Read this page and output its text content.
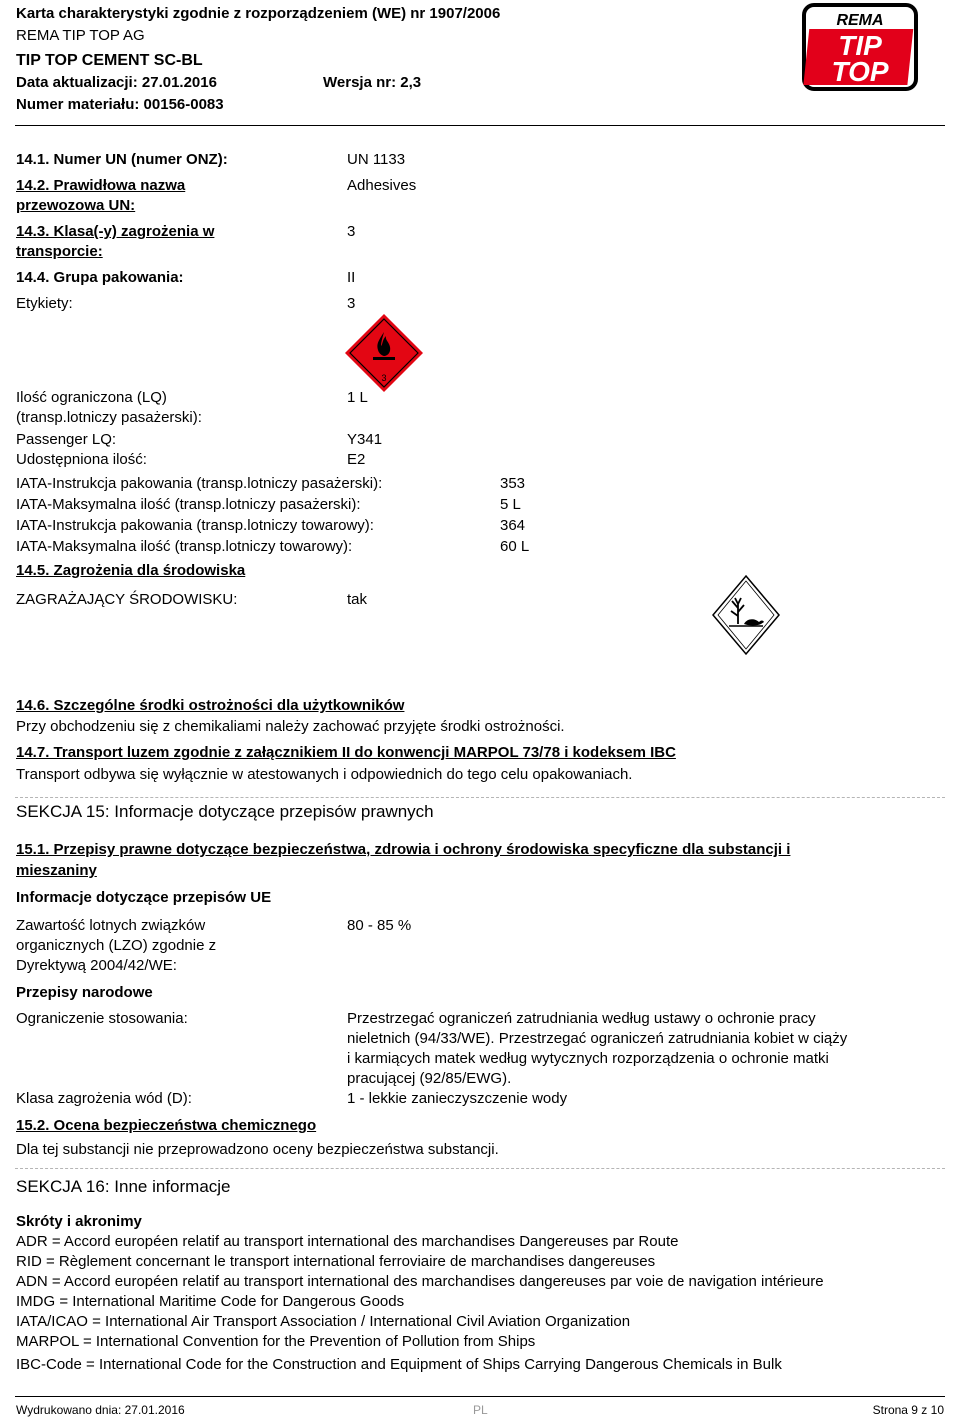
Karta charakterystyki zgodnie z rozporządzeniem (WE) nr 1907/2006
REMA TIP TOP AG
TIP TOP CEMENT SC-BL
Data aktualizacji: 27.01.2016	Wersja nr: 2,3
Numer materiału: 00156-0083
REMA
TIP
TOP
14.1. Numer UN (numer ONZ):	UN 1133
14.2. Prawidłowa nazwa
przewozowa UN:
Adhesives
14.3. Klasa(-y) zagrożenia w
transporcie:
3
14.4. Grupa pakowania:	II
Etykiety:	3
3
Ilość ograniczona (LQ)
(transp.lotniczy pasażerski):
1 L
Passenger LQ:	Y341
Udostępniona ilość:	E2
IATA-Instrukcja pakowania (transp.lotniczy pasażerski):	353
IATA-Maksymalna ilość (transp.lotniczy pasażerski):	5 L
IATA-Instrukcja pakowania (transp.lotniczy towarowy):	364
IATA-Maksymalna ilość (transp.lotniczy towarowy):	60 L
14.5. Zagrożenia dla środowiska
ZAGRAŻAJĄCY ŚRODOWISKU:	tak
14.6. Szczególne środki ostrożności dla użytkowników
Przy obchodzeniu się z chemikaliami należy zachować przyjęte środki ostrożności.
14.7. Transport luzem zgodnie z załącznikiem II do konwencji MARPOL 73/78 i kodeksem IBC
Transport odbywa się wyłącznie w atestowanych i odpowiednich do tego celu opakowaniach.
SEKCJA 15: Informacje dotyczące przepisów prawnych
15.1. Przepisy prawne dotyczące bezpieczeństwa, zdrowia i ochrony środowiska specyficzne dla substancji i
mieszaniny
Informacje dotyczące przepisów UE
Zawartość lotnych związków
organicznych (LZO) zgodnie z
Dyrektywą 2004/42/WE:
80 - 85 %
Przepisy narodowe
Ograniczenie stosowania:	Przestrzegać ograniczeń zatrudniania według ustawy o ochronie pracy
nieletnich (94/33/WE). Przestrzegać ograniczeń zatrudniania kobiet w ciąży
i karmiących matek według wytycznych rozporządzenia o ochronie matki
pracującej (92/85/EWG).
Klasa zagrożenia wód (D):	1 - lekkie zanieczyszczenie wody
15.2. Ocena bezpieczeństwa chemicznego
Dla tej substancji nie przeprowadzono oceny bezpieczeństwa substancji.
SEKCJA 16: Inne informacje
Skróty i akronimy
ADR = Accord européen relatif au transport international des marchandises Dangereuses par Route
RID = Règlement concernant le transport international ferroviaire de marchandises dangereuses
ADN = Accord européen relatif au transport international des marchandises dangereuses par voie de navigation intérieure
IMDG = International Maritime Code for Dangerous Goods
IATA/ICAO = International Air Transport Association / International Civil Aviation Organization
MARPOL = International Convention for the Prevention of Pollution from Ships
IBC-Code = International Code for the Construction and Equipment of Ships Carrying Dangerous Chemicals in Bulk
Wydrukowano dnia: 27.01.2016	PL	Strona 9 z 10
